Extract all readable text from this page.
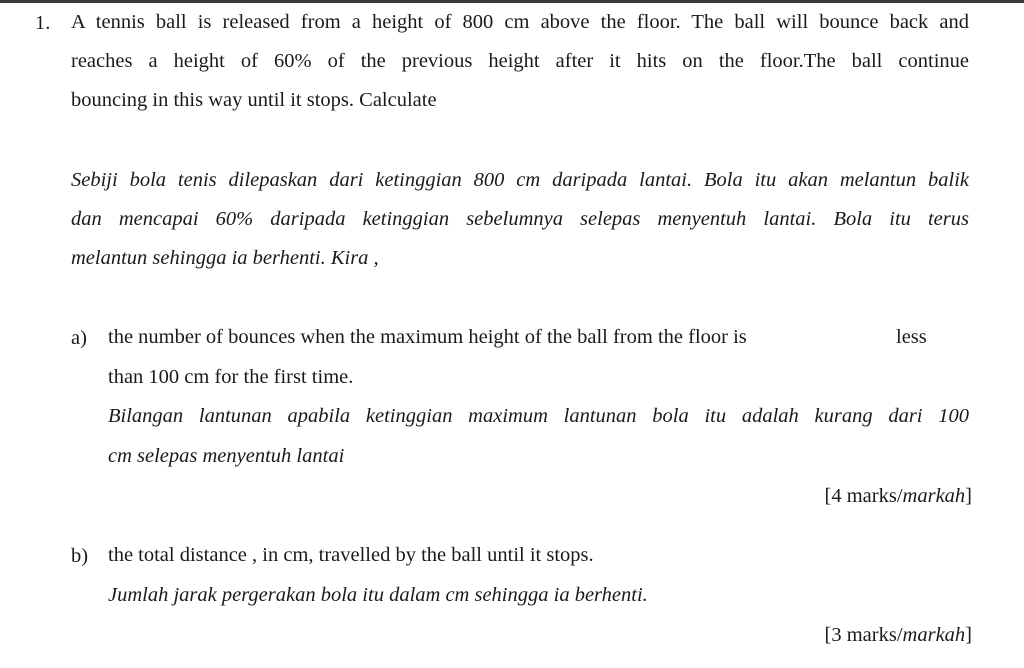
1. A tennis ball is released from a height of 800 cm above the floor. The ball will bounce back and
reaches a height of 60% of the previous height after it hits on the floor.The ball continue
bouncing in this way until it stops. Calculate
Sebiji bola tenis dilepaskan dari ketinggian 800 cm daripada lantai. Bola itu akan melantun balik
dan mencapai 60% daripada ketinggian sebelumnya selepas menyentuh lantai. Bola itu terus
melantun sehingga ia berhenti. Kira ,
a) the number of bounces when the maximum height of the ball from the floor is	less
than 100 cm for the first time.
Bilangan lantunan apabila ketinggian maximum lantunan bola itu adalah kurang dari 100
cm selepas menyentuh lantai
[4 marks/markah]
b) the total distance , in cm, travelled by the ball until it stops.
Jumlah jarak pergerakan bola itu dalam cm sehingga ia berhenti.
[3 marks/markah]
